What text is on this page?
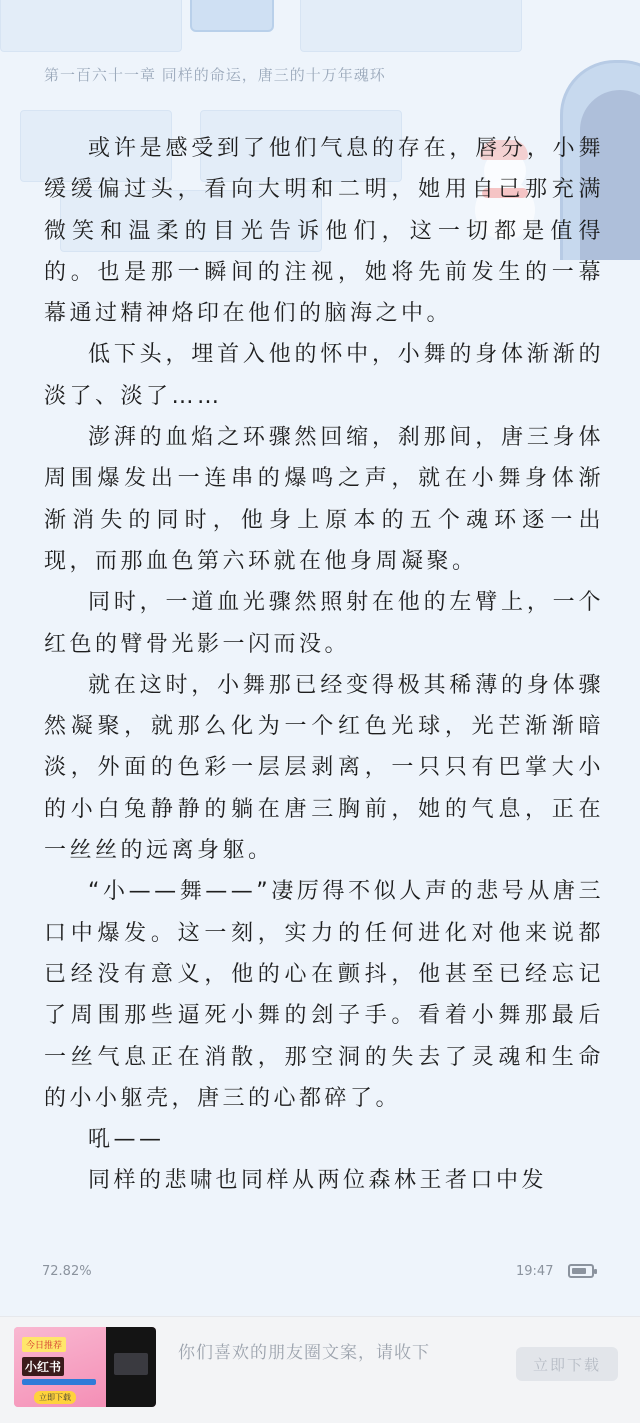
第一百六十一章 同样的命运，唐三的十万年魂环

或许是感受到了他们气息的存在，唇分，小舞缓缓偏过头，看向大明和二明，她用自己那充满微笑和温柔的目光告诉他们，这一切都是值得的。也是那一瞬间的注视，她将先前发生的一幕幕通过精神烙印在他们的脑海之中。

低下头，埋首入他的怀中，小舞的身体渐渐的淡了、淡了……

澎湃的血焰之环骤然回缩，刹那间，唐三身体周围爆发出一连串的爆鸣之声，就在小舞身体渐渐消失的同时，他身上原本的五个魂环逐一出现，而那血色第六环就在他身周凝聚。

同时，一道血光骤然照射在他的左臂上，一个红色的臂骨光影一闪而没。

就在这时，小舞那已经变得极其稀薄的身体骤然凝聚，就那么化为一个红色光球，光芒渐渐暗淡，外面的色彩一层层剥离，一只只有巴掌大小的小白兔静静的躺在唐三胸前，她的气息，正在一丝丝的远离身躯。

“小——舞——”凄厉得不似人声的悲号从唐三口中爆发。这一刻，实力的任何进化对他来说都已经没有意义，他的心在颤抖，他甚至已经忘记了周围那些逼死小舞的刽子手。看着小舞那最后一丝气息正在消散，那空洞的失去了灵魂和生命的小小躯壳，唐三的心都碎了。

吼——

同样的悲啸也同样从两位森林王者口中发

72.82%	19:47
今日推荐
小红书
立即下载
你们喜欢的朋友圈文案，请收下
立即下载
